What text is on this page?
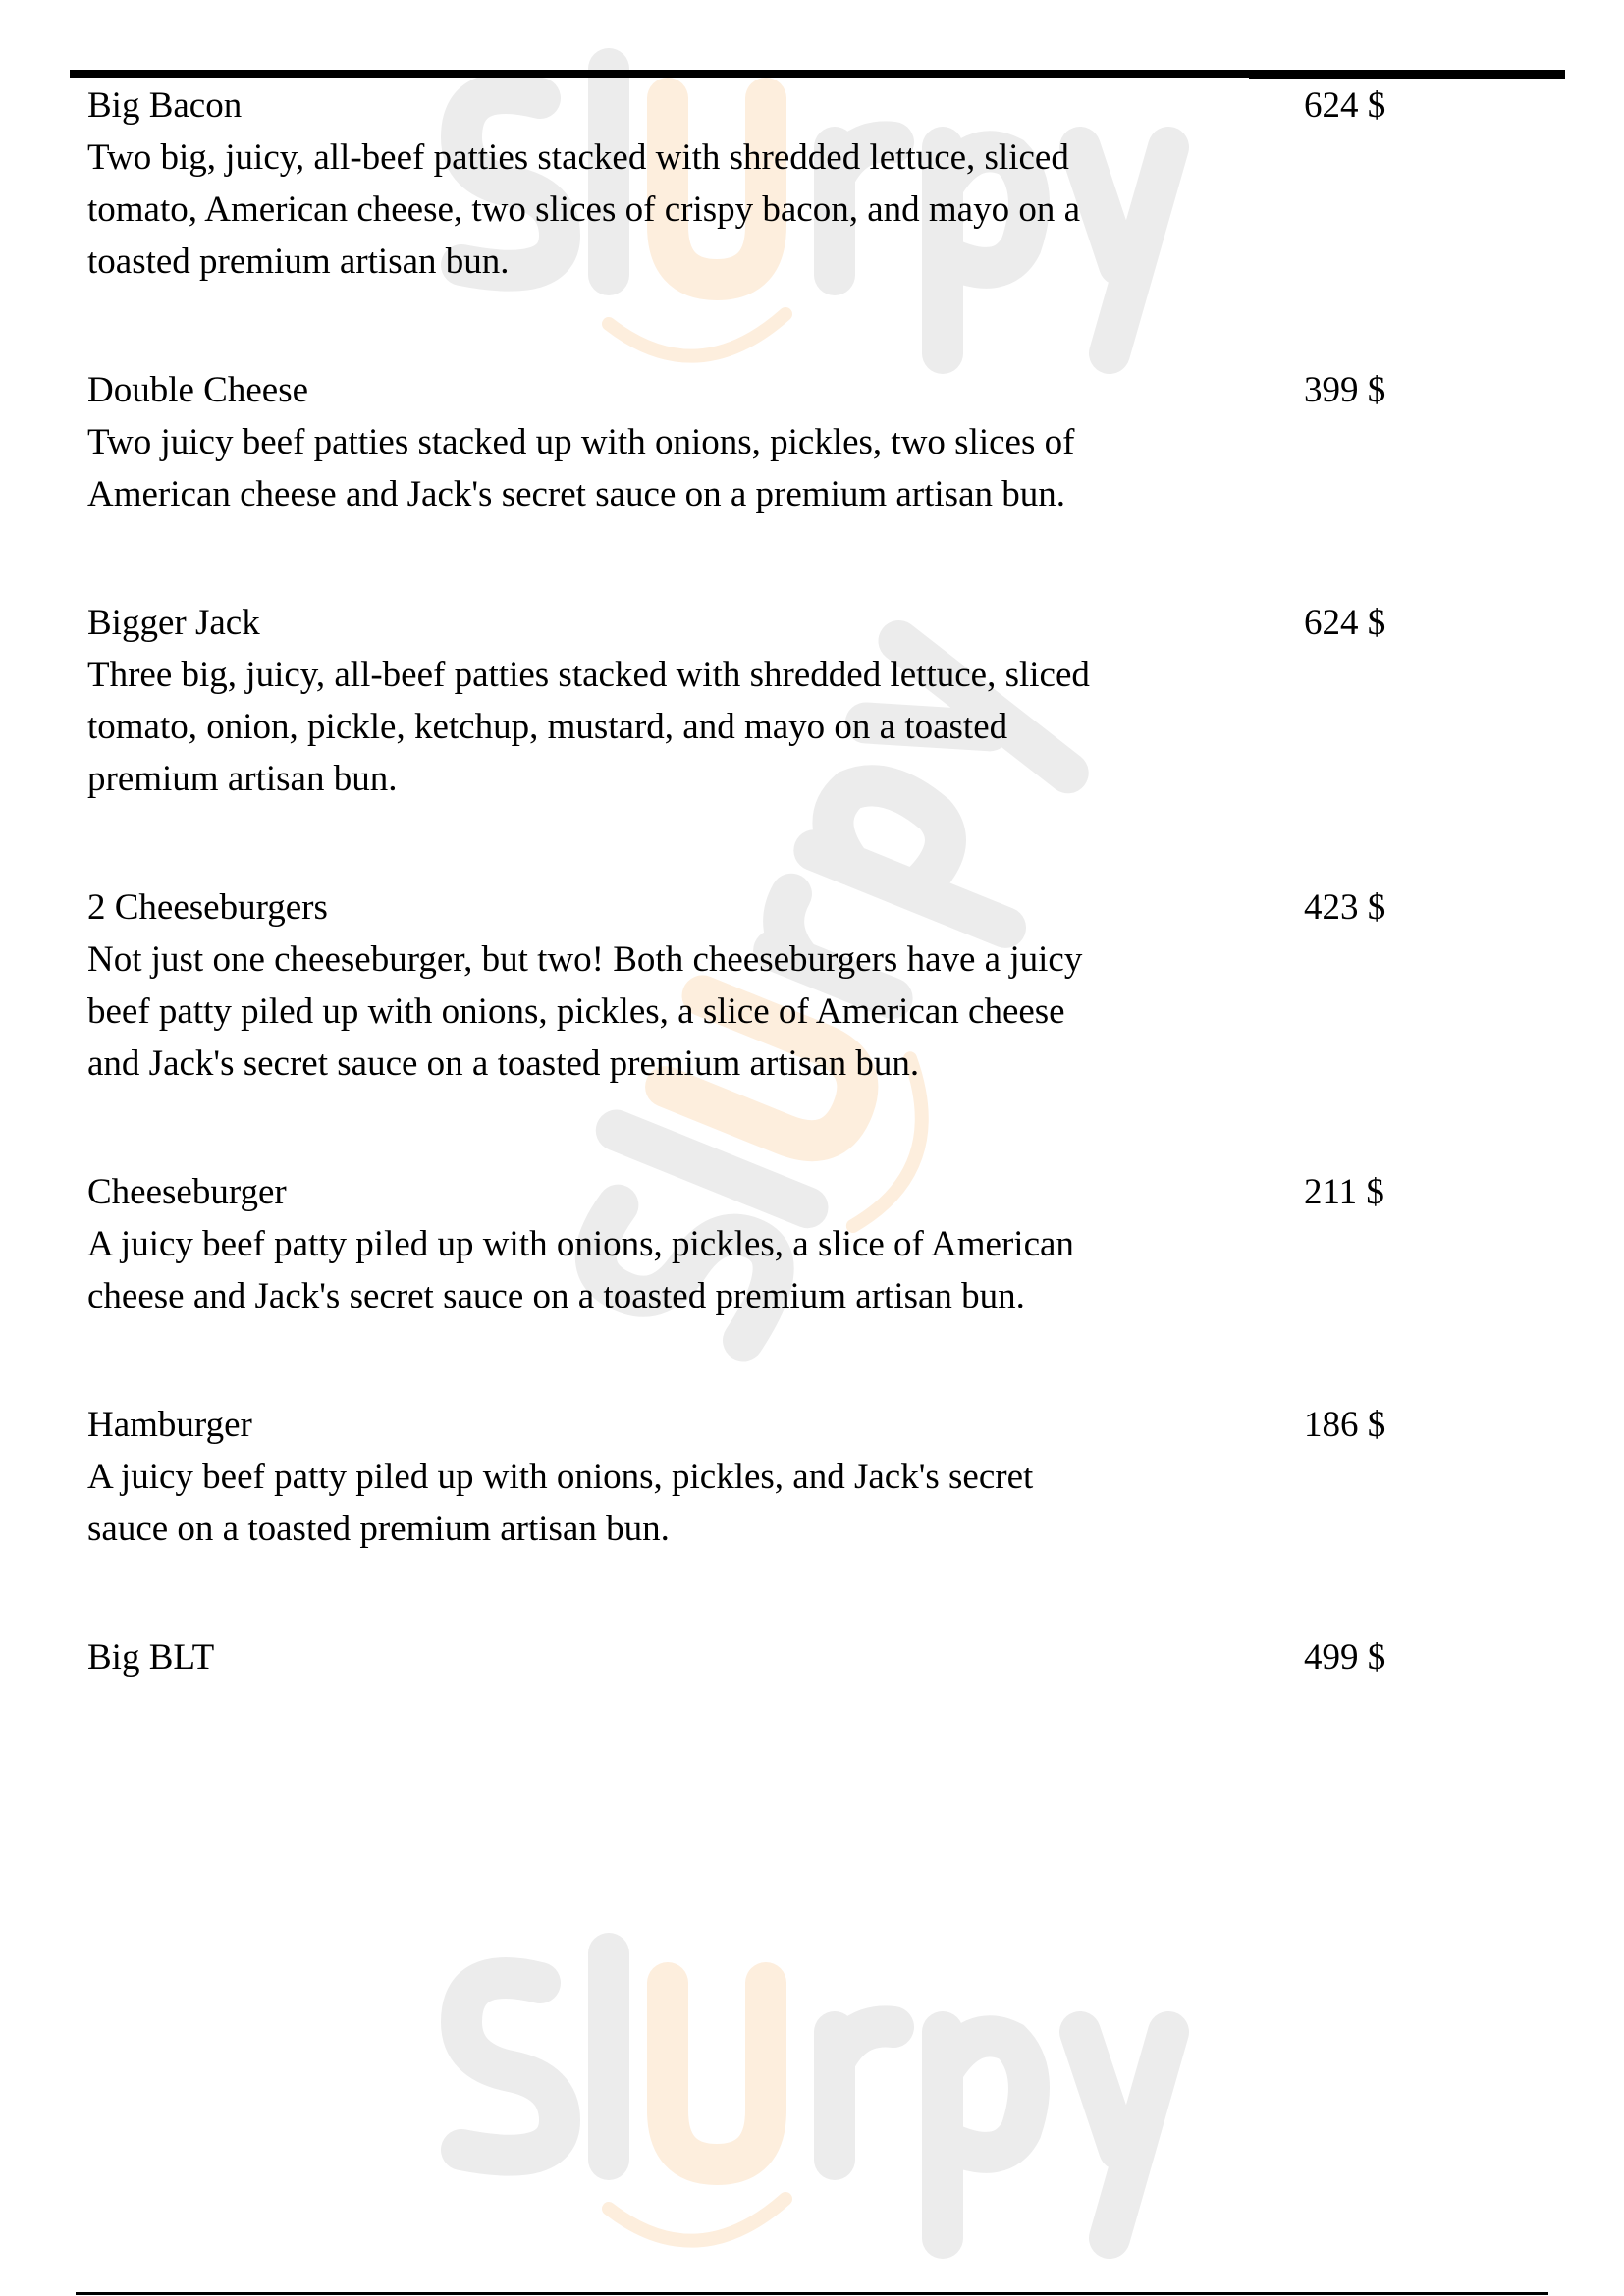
Big Bacon
Two big, juicy, all-beef patties stacked with shredded lettuce, sliced
tomato, American cheese, two slices of crispy bacon, and mayo on a
toasted premium artisan bun.
624 $
Double Cheese
Two juicy beef patties stacked up with onions, pickles, two slices of
American cheese and Jack's secret sauce on a premium artisan bun.
399 $
Bigger Jack
Three big, juicy, all-beef patties stacked with shredded lettuce, sliced
tomato, onion, pickle, ketchup, mustard, and mayo on a toasted
premium artisan bun.
624 $
2 Cheeseburgers
Not just one cheeseburger, but two! Both cheeseburgers have a juicy
beef patty piled up with onions, pickles, a slice of American cheese
and Jack's secret sauce on a toasted premium artisan bun.
423 $
Cheeseburger
A juicy beef patty piled up with onions, pickles, a slice of American
cheese and Jack's secret sauce on a toasted premium artisan bun.
211 $
Hamburger
A juicy beef patty piled up with onions, pickles, and Jack's secret
sauce on a toasted premium artisan bun.
186 $
Big BLT	499 $
